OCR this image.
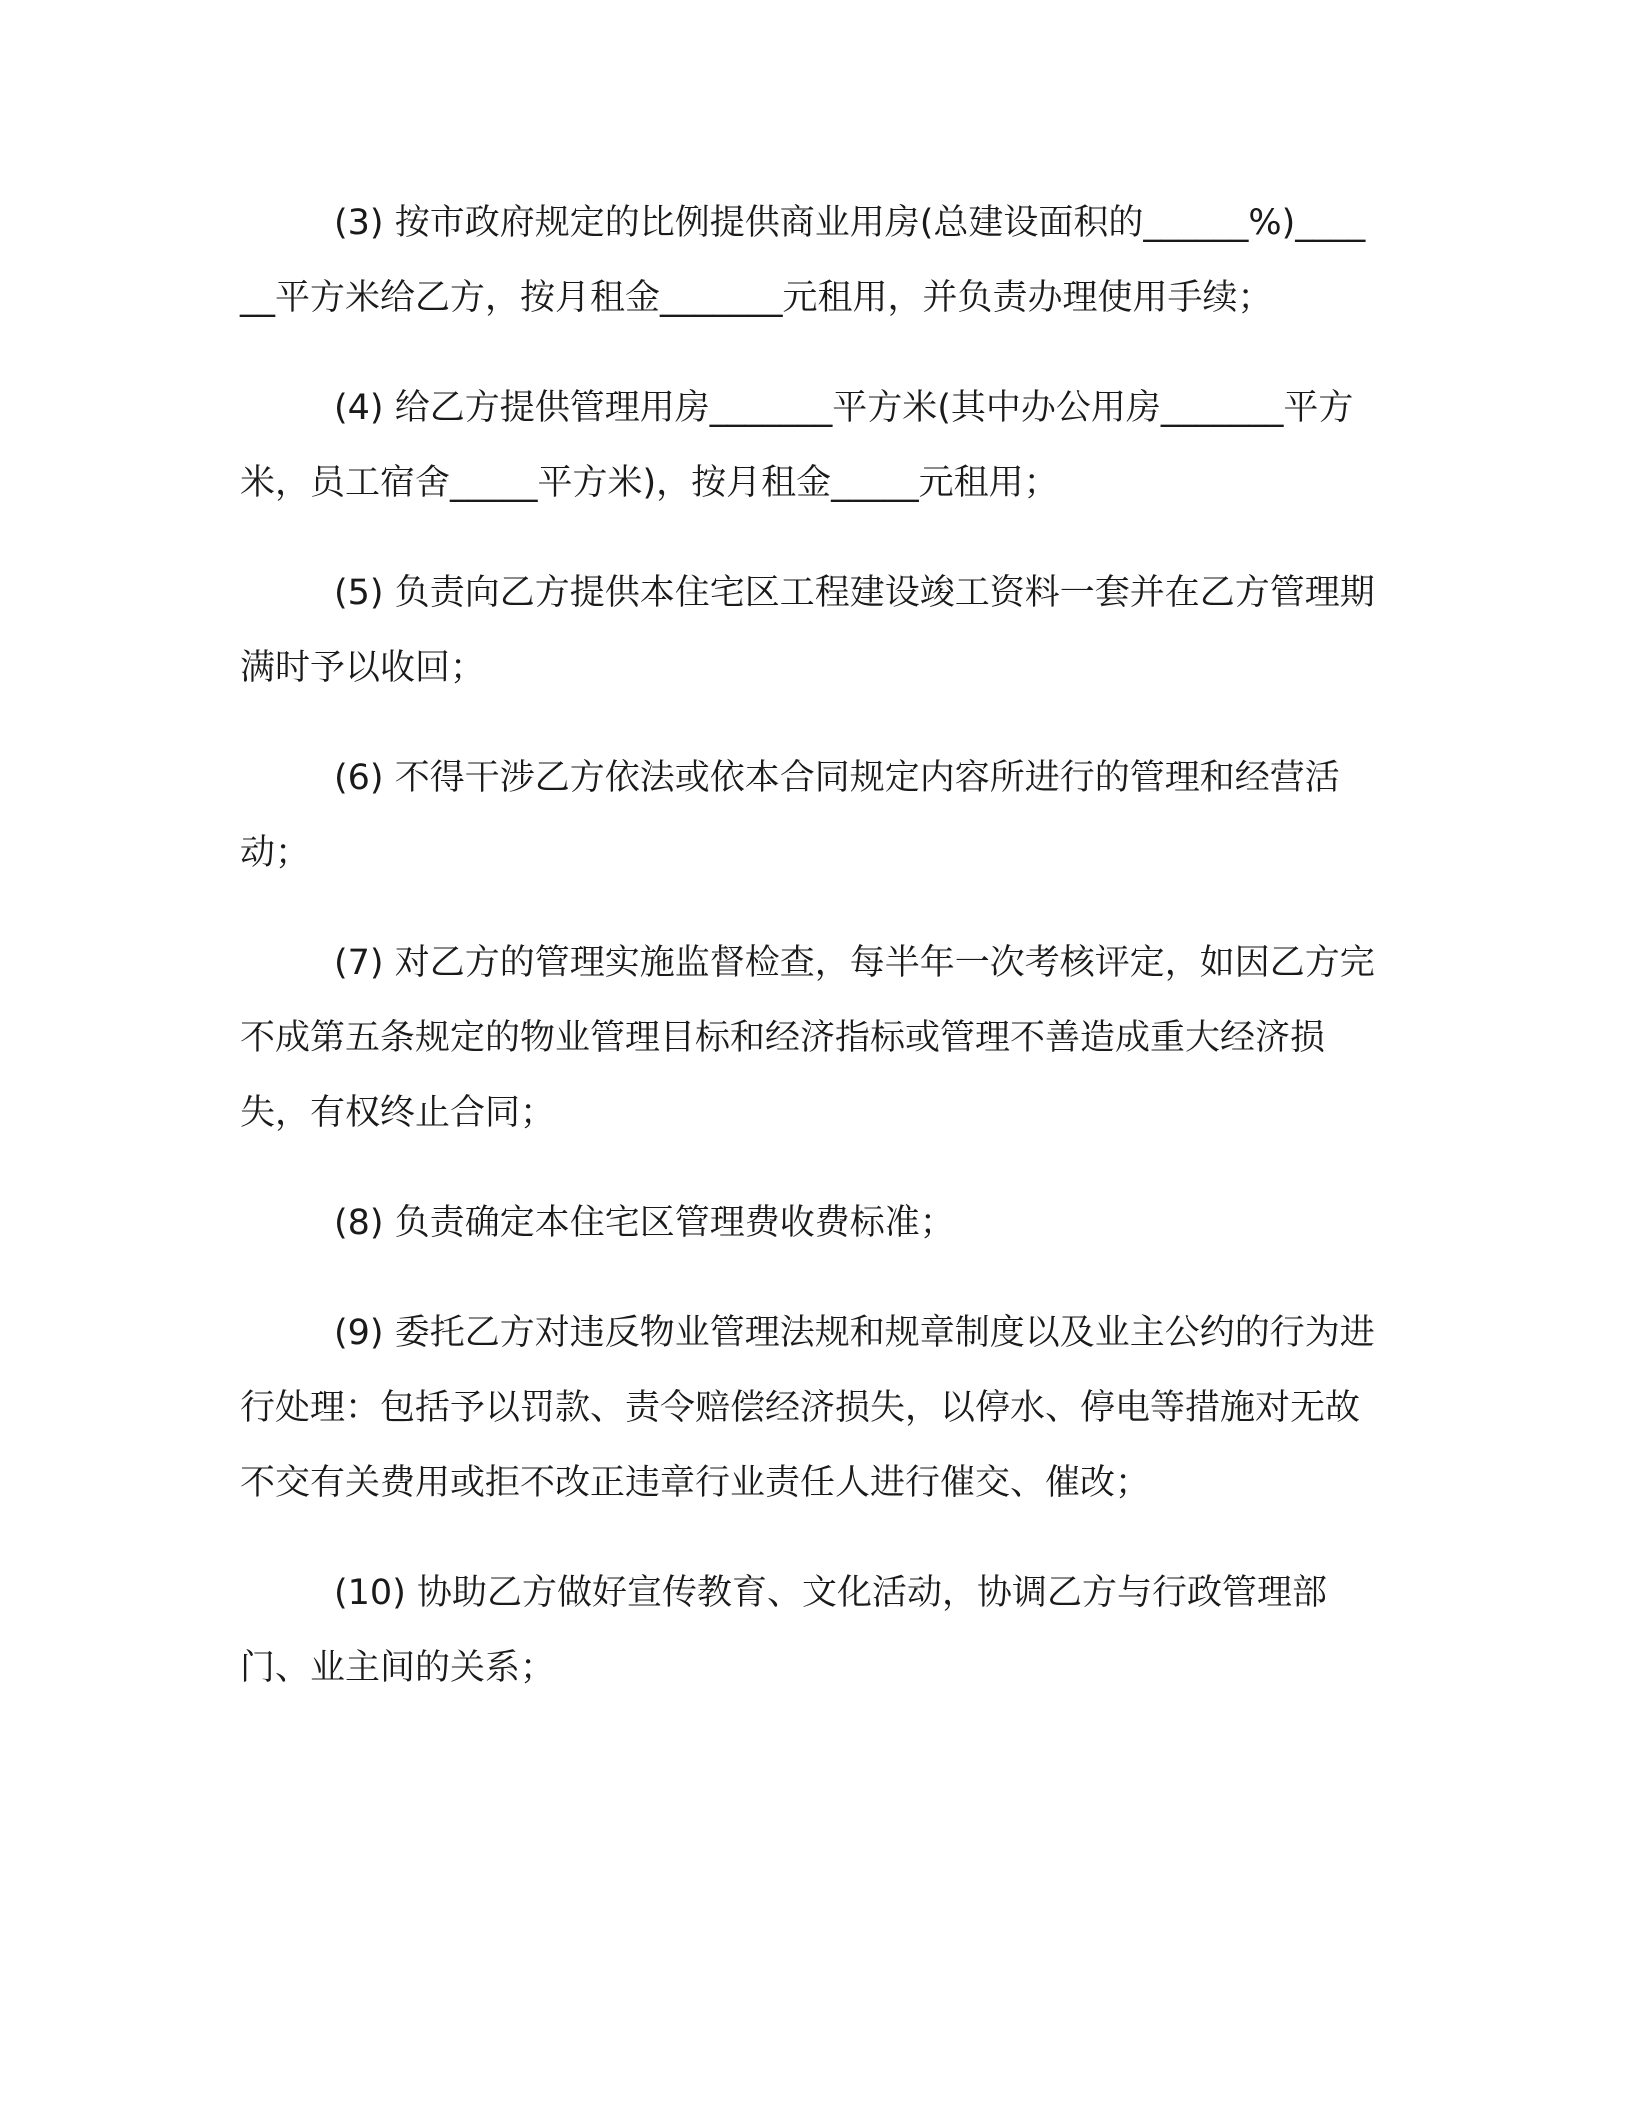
(3) 按市政府规定的比例提供商业用房(总建设面积的______%)______平方米给乙方，按月租金_______元租用，并负责办理使用手续；

(4) 给乙方提供管理用房_______平方米(其中办公用房_______平方米，员工宿舍_____平方米)，按月租金_____元租用；

(5) 负责向乙方提供本住宅区工程建设竣工资料一套并在乙方管理期满时予以收回；

(6) 不得干涉乙方依法或依本合同规定内容所进行的管理和经营活动；

(7) 对乙方的管理实施监督检查，每半年一次考核评定，如因乙方完不成第五条规定的物业管理目标和经济指标或管理不善造成重大经济损失，有权终止合同；

(8) 负责确定本住宅区管理费收费标准；

(9) 委托乙方对违反物业管理法规和规章制度以及业主公约的行为进行处理：包括予以罚款、责令赔偿经济损失，以停水、停电等措施对无故不交有关费用或拒不改正违章行业责任人进行催交、催改；

(10) 协助乙方做好宣传教育、文化活动，协调乙方与行政管理部门、业主间的关系；
